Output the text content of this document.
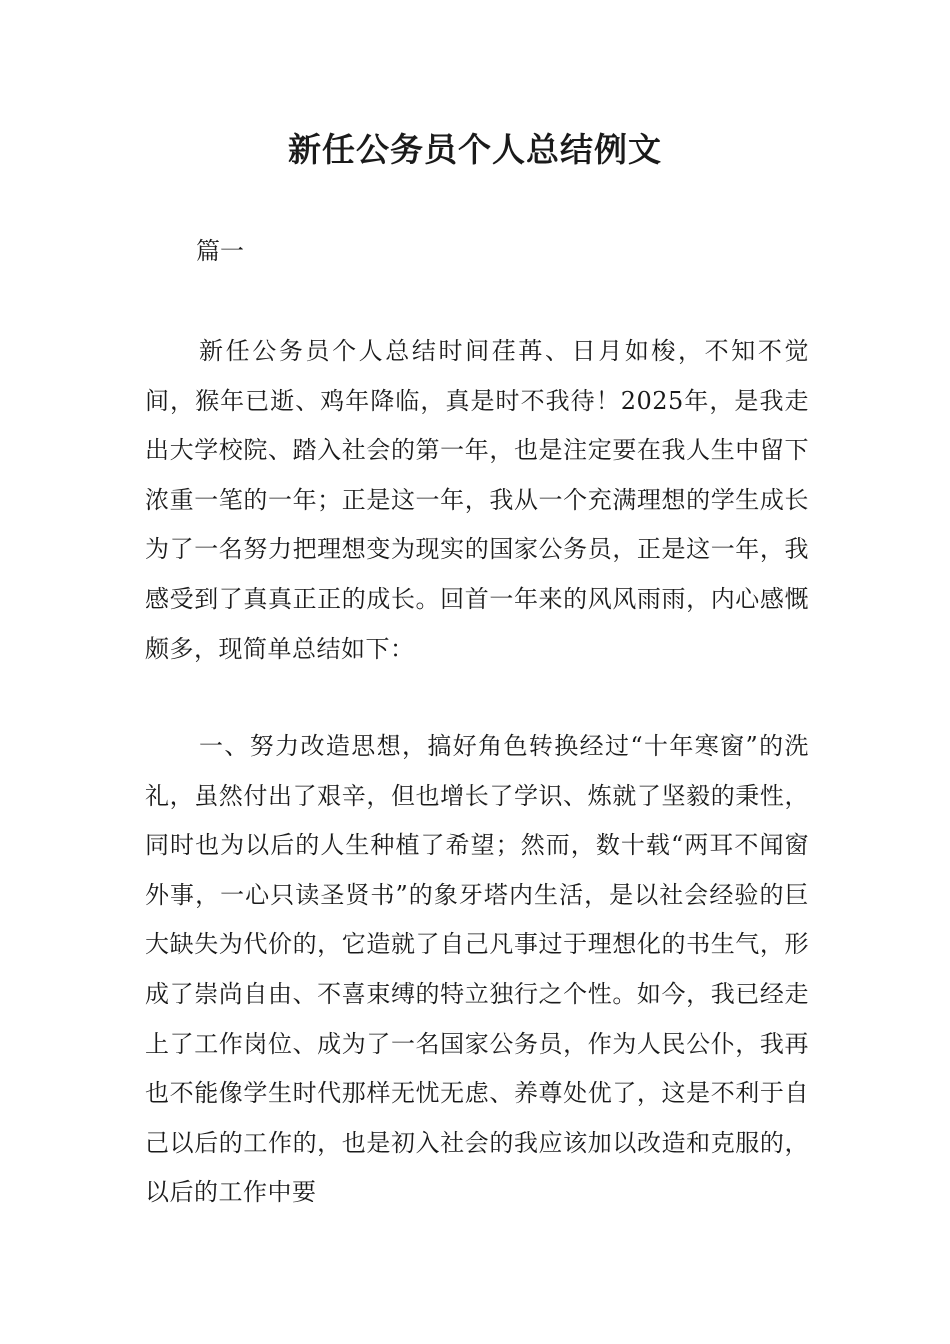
新任公务员个人总结例文

篇一

新任公务员个人总结时间荏苒、日月如梭，不知不觉间，猴年已逝、鸡年降临，真是时不我待！2025年，是我走出大学校院、踏入社会的第一年，也是注定要在我人生中留下浓重一笔的一年；正是这一年，我从一个充满理想的学生成长为了一名努力把理想变为现实的国家公务员，正是这一年，我感受到了真真正正的成长。回首一年来的风风雨雨，内心感慨颇多，现简单总结如下：

一、努力改造思想，搞好角色转换经过“十年寒窗”的洗礼，虽然付出了艰辛，但也增长了学识、炼就了坚毅的秉性，同时也为以后的人生种植了希望；然而，数十载“两耳不闻窗外事，一心只读圣贤书”的象牙塔内生活，是以社会经验的巨大缺失为代价的，它造就了自己凡事过于理想化的书生气，形成了崇尚自由、不喜束缚的特立独行之个性。如今，我已经走上了工作岗位、成为了一名国家公务员，作为人民公仆，我再也不能像学生时代那样无忧无虑、养尊处优了，这是不利于自己以后的工作的，也是初入社会的我应该加以改造和克服的，以后的工作中要
